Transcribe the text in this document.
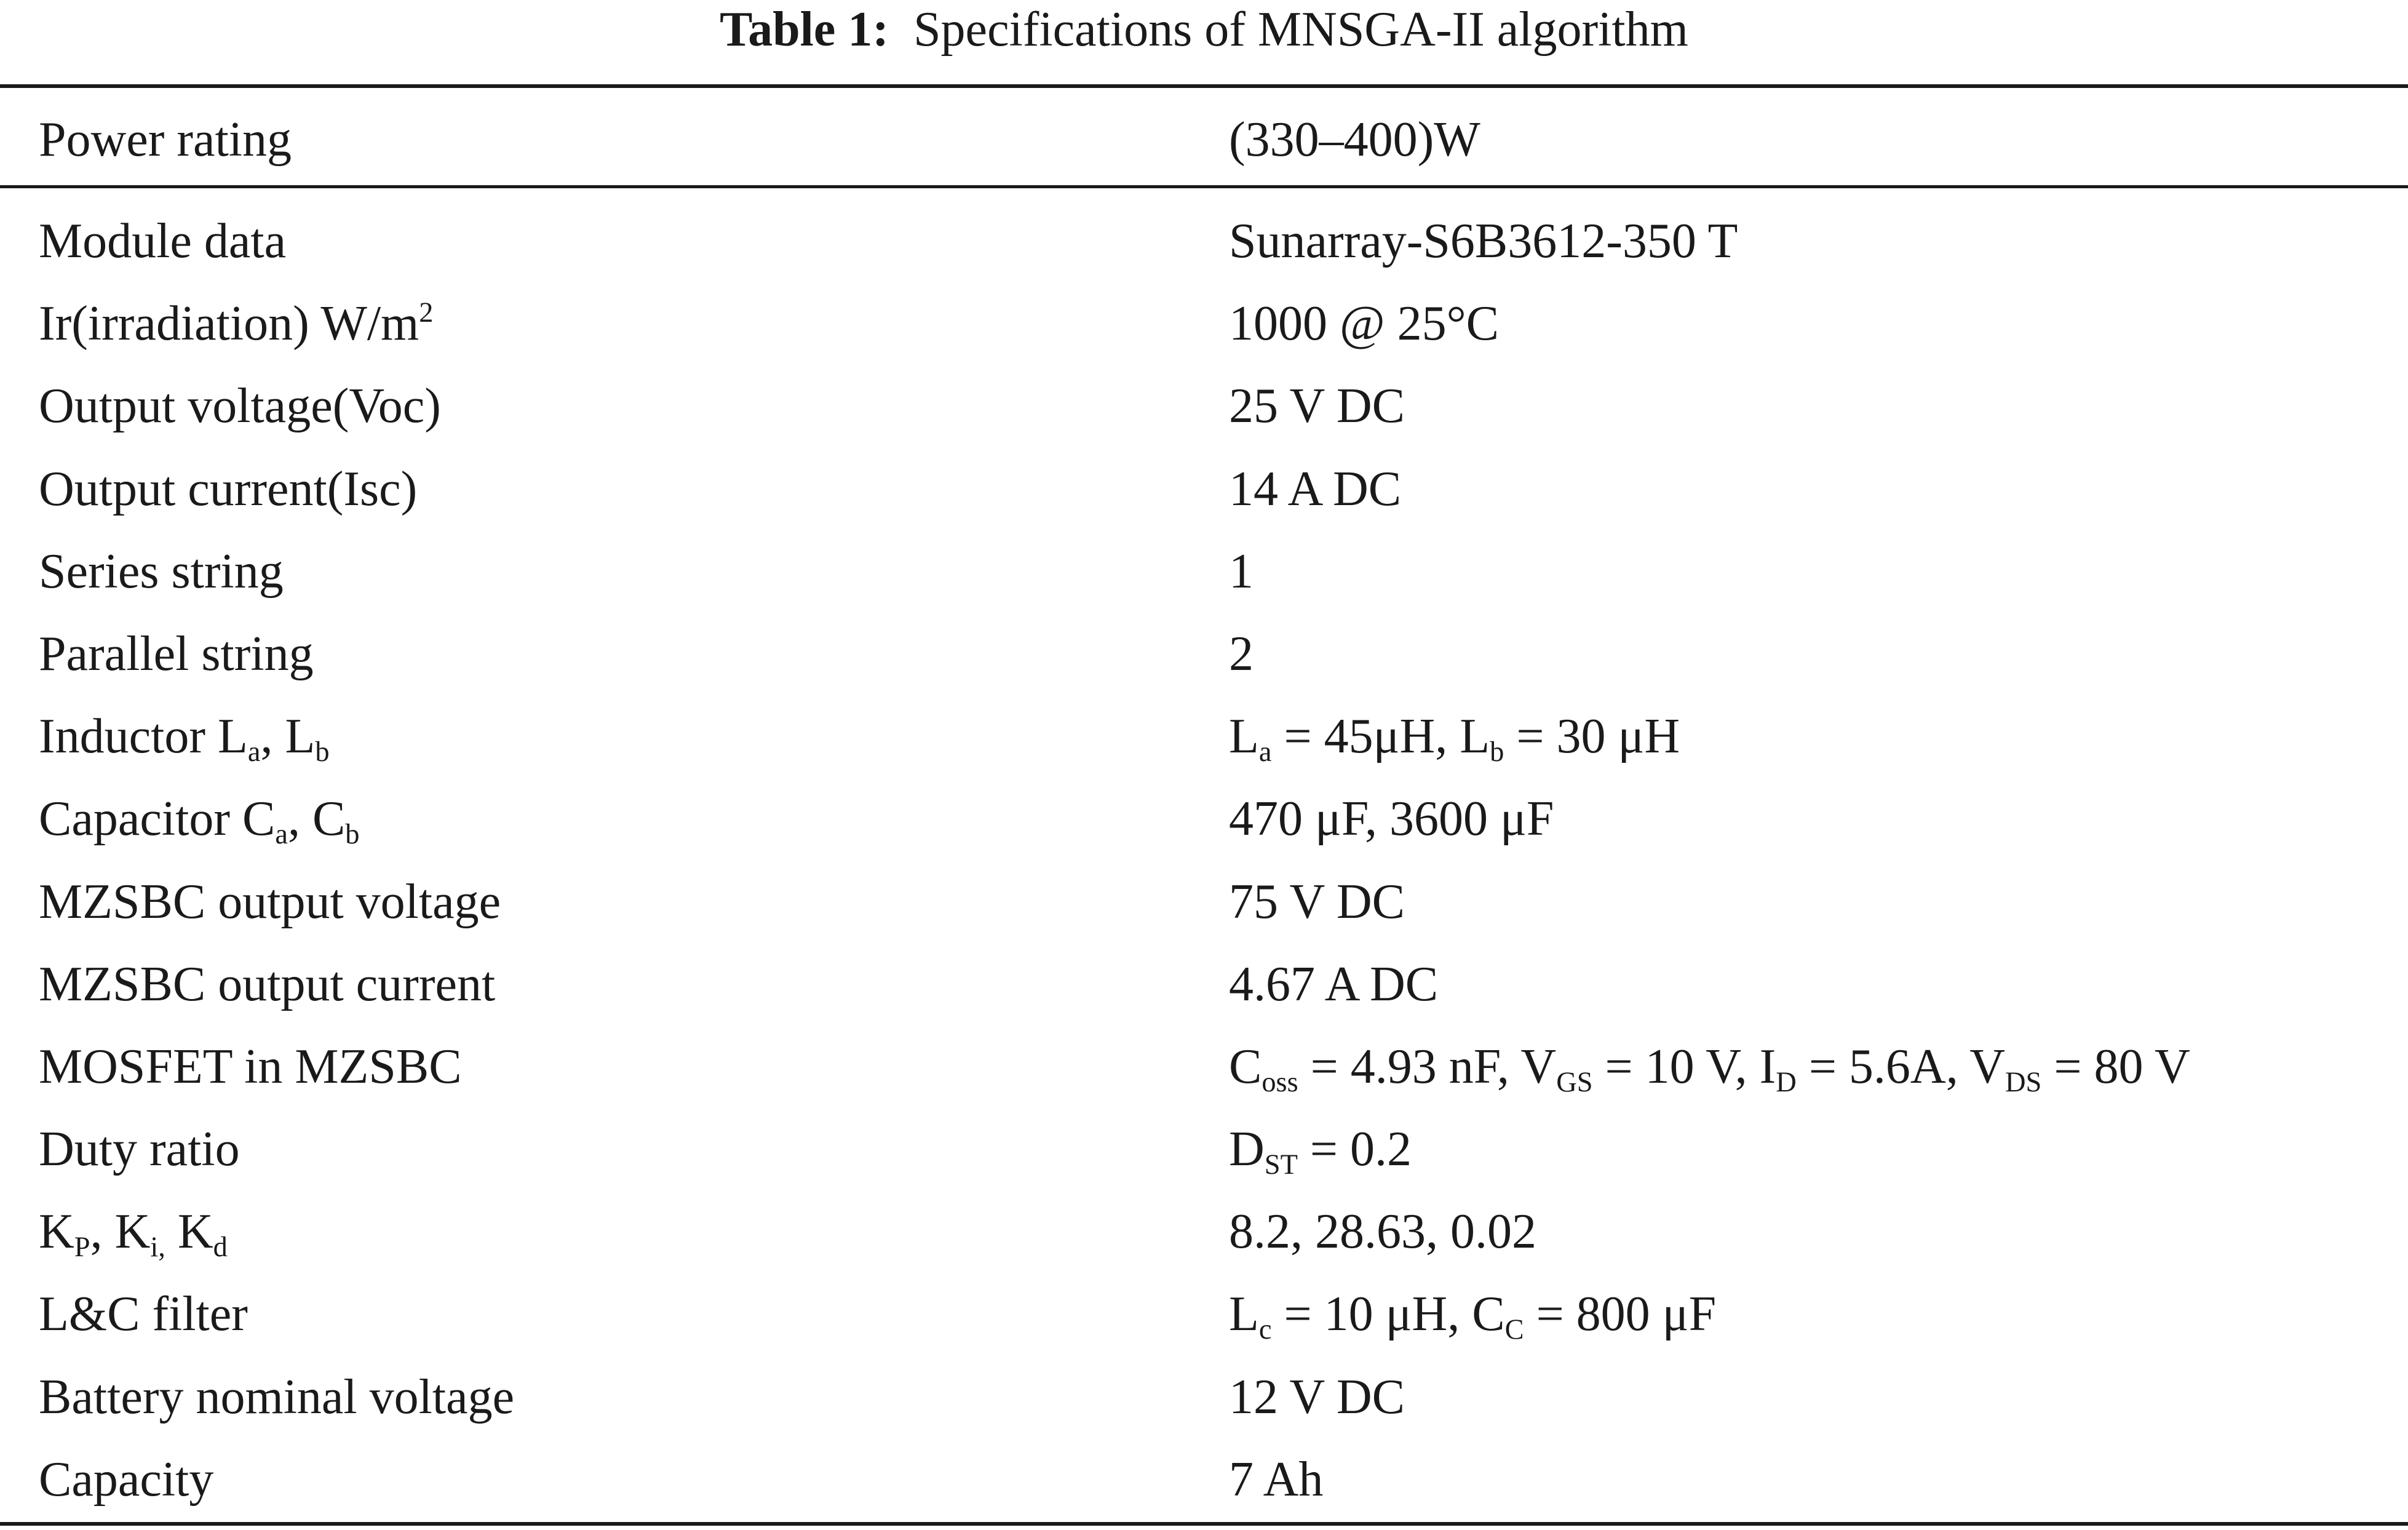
Table 1: Specifications of MNSGA-II algorithm
Power rating	(330–400)W
Module data	Sunarray-S6B3612-350 T
Ir(irradiation) $W/m^2$	1000 @ 25°C
Output voltage(Voc)	25 V DC
Output current(Isc)	14 A DC
Series string	1
Parallel string	2
Inductor $L_a$, $L_b$	$L_a = 45\mu H$, $L_b = 30$ μH
Capacitor $C_a$, $C_b$	470 μF, 3600 μF
MZSBC output voltage	75 V DC
MZSBC output current	4.67 A DC
MOSFET in MZSBC	$C_{oss} = 4.93$ nF, $V_{GS} = 10$ V, $I_D = 5.6A$, $V_{DS} = 80$ V
Duty ratio	$D_{ST} = 0.2$
$K_P$, $K_{i,}$ $K_d$	8.2, 28.63, 0.02
L&C filter	$L_c = 10$ μH, $C_C = 800$ μF
Battery nominal voltage	12 V DC
Capacity	7 Ah
